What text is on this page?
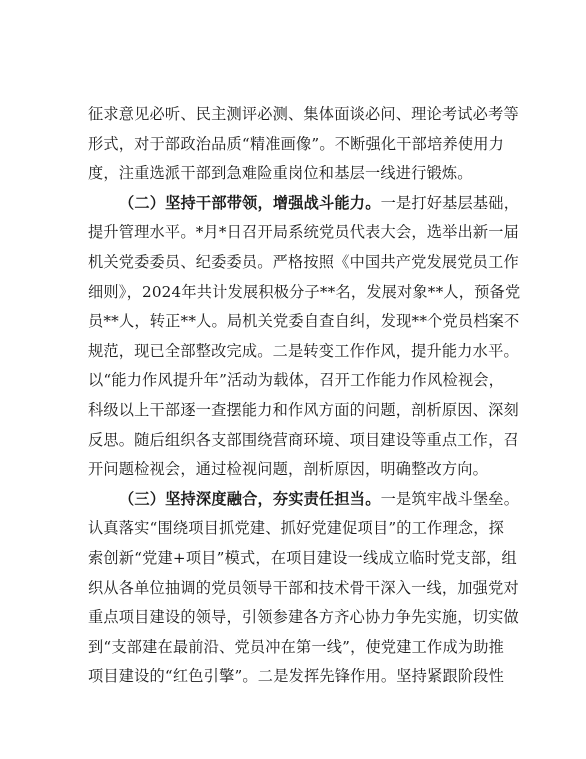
征求意见必听、民主测评必测、集体面谈必问、理论考试必考等
形式，对于部政治品质“精准画像”。不断强化干部培养使用力
度，注重选派干部到急难险重岗位和基层一线进行锻炼。

（二）坚持干部带领，增强战斗能力。一是打好基层基础，
提升管理水平。*月*日召开局系统党员代表大会，选举出新一届
机关党委委员、纪委委员。严格按照《中国共产党发展党员工作
细则》，2024年共计发展积极分子**名，发展对象**人，预备党
员**人，转正**人。局机关党委自查自纠，发现**个党员档案不
规范，现已全部整改完成。二是转变工作作风，提升能力水平。
以“能力作风提升年”活动为载体，召开工作能力作风检视会，
科级以上干部逐一查摆能力和作风方面的问题，剖析原因、深刻
反思。随后组织各支部围绕营商环境、项目建设等重点工作，召
开问题检视会，通过检视问题，剖析原因，明确整改方向。

（三）坚持深度融合，夯实责任担当。一是筑牢战斗堡垒。
认真落实“围绕项目抓党建、抓好党建促项目”的工作理念，探
索创新“党建+项目”模式，在项目建设一线成立临时党支部，组
织从各单位抽调的党员领导干部和技术骨干深入一线，加强党对
重点项目建设的领导，引领参建各方齐心协力争先实施，切实做
到“支部建在最前沿、党员冲在第一线”，使党建工作成为助推
项目建设的“红色引擎”。二是发挥先锋作用。坚持紧跟阶段性
